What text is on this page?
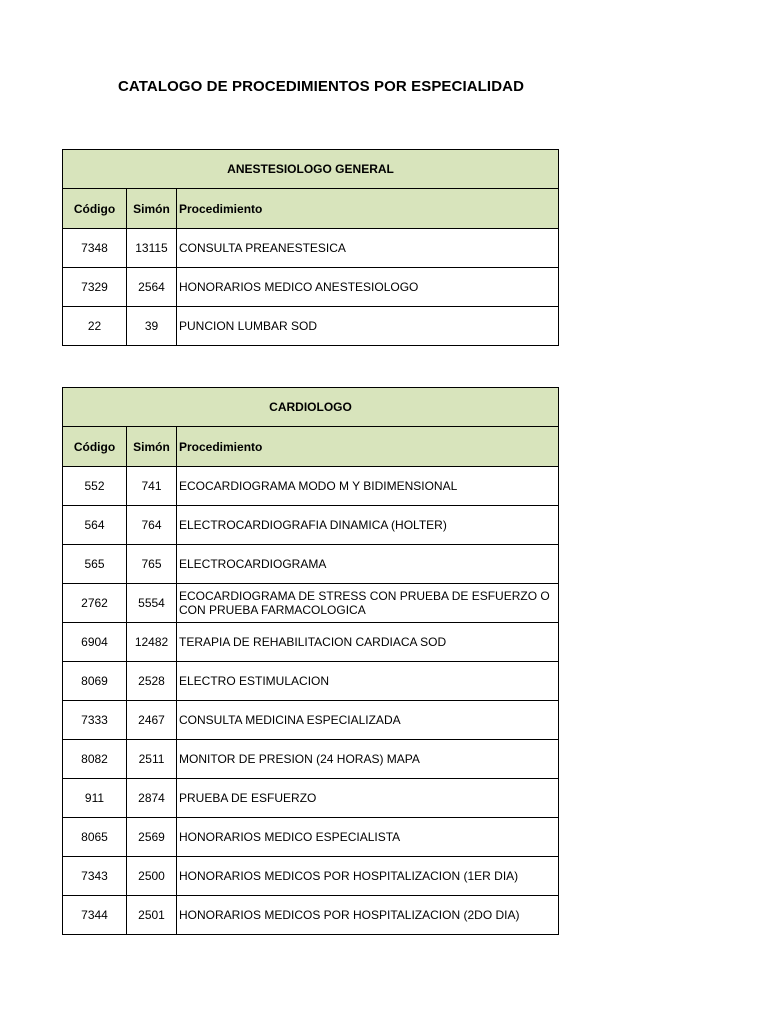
CATALOGO DE PROCEDIMIENTOS POR ESPECIALIDAD
ANESTESIOLOGO GENERAL		
Código	Simón	Procedimiento
7348	13115	CONSULTA PREANESTESICA
7329	2564	HONORARIOS MEDICO ANESTESIOLOGO
22	39	PUNCION LUMBAR SOD
CARDIOLOGO		
Código	Simón	Procedimiento
552	741	ECOCARDIOGRAMA MODO M Y BIDIMENSIONAL
564	764	ELECTROCARDIOGRAFIA DINAMICA (HOLTER)
565	765	ELECTROCARDIOGRAMA
2762	5554	ECOCARDIOGRAMA DE STRESS CON PRUEBA DE ESFUERZO O CON PRUEBA FARMACOLOGICA
6904	12482	TERAPIA DE REHABILITACION CARDIACA SOD
8069	2528	ELECTRO ESTIMULACION
7333	2467	CONSULTA MEDICINA ESPECIALIZADA
8082	2511	MONITOR DE PRESION (24 HORAS) MAPA
911	2874	PRUEBA DE ESFUERZO
8065	2569	HONORARIOS MEDICO ESPECIALISTA
7343	2500	HONORARIOS MEDICOS POR HOSPITALIZACION (1ER DIA)
7344	2501	HONORARIOS MEDICOS POR HOSPITALIZACION (2DO DIA)
